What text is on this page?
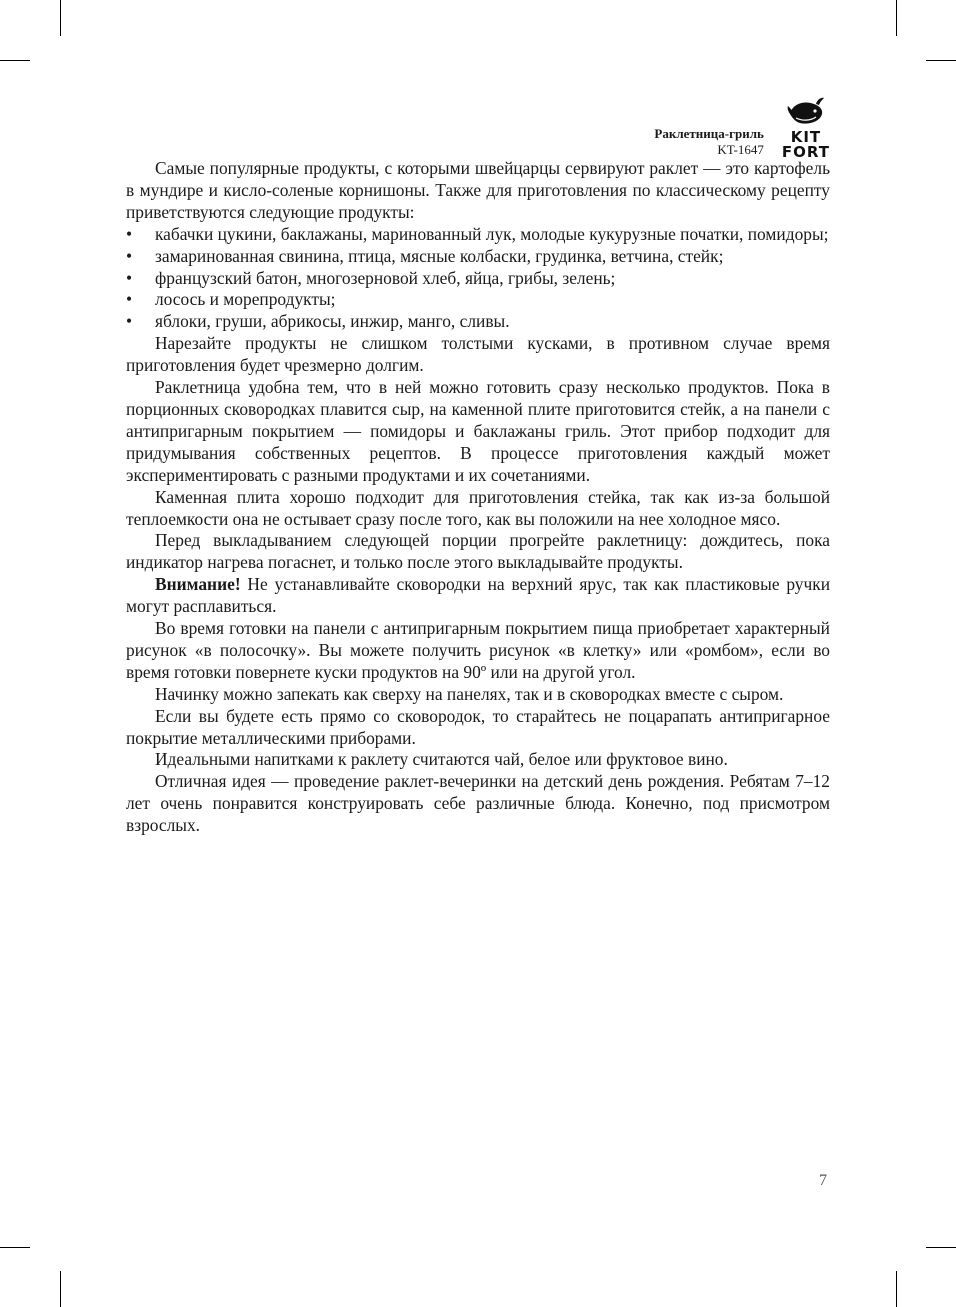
Раклетница-гриль
KT-1647
KIT
FORT

Самые популярные продукты, с которыми швейцарцы сервируют раклет — это картофель в мундире и кисло-соленые корнишоны. Также для приготовления по классическому рецепту приветствуются следующие продукты:

• кабачки цукини, баклажаны, маринованный лук, молодые кукурузные початки, помидоры;
• замаринованная свинина, птица, мясные колбаски, грудинка, ветчина, стейк;
• французский батон, многозерновой хлеб, яйца, грибы, зелень;
• лосось и морепродукты;
• яблоки, груши, абрикосы, инжир, манго, сливы.

Нарезайте продукты не слишком толстыми кусками, в противном случае время приготовления будет чрезмерно долгим.

Раклетница удобна тем, что в ней можно готовить сразу несколько продуктов. Пока в порционных сковородках плавится сыр, на каменной плите приготовится стейк, а на панели с антипригарным покрытием — помидоры и баклажаны гриль. Этот прибор подходит для придумывания собственных рецептов. В процессе приготовления каждый может экспериментировать с разными продуктами и их сочетаниями.

Каменная плита хорошо подходит для приготовления стейка, так как из-за большой теплоемкости она не остывает сразу после того, как вы положили на нее холодное мясо.

Перед выкладыванием следующей порции прогрейте раклетницу: дождитесь, пока индикатор нагрева погаснет, и только после этого выкладывайте продукты.

Внимание! Не устанавливайте сковородки на верхний ярус, так как пластиковые ручки могут расплавиться.

Во время готовки на панели с антипригарным покрытием пища приобретает характерный рисунок «в полосочку». Вы можете получить рисунок «в клетку» или «ромбом», если во время готовки повернете куски продуктов на 90º или на другой угол.

Начинку можно запекать как сверху на панелях, так и в сковородках вместе с сыром.

Если вы будете есть прямо со сковородок, то старайтесь не поцарапать антипригарное покрытие металлическими приборами.

Идеальными напитками к раклету считаются чай, белое или фруктовое вино.

Отличная идея — проведение раклет-вечеринки на детский день рождения. Ребятам 7–12 лет очень понравится конструировать себе различные блюда. Конечно, под присмотром взрослых.

7
